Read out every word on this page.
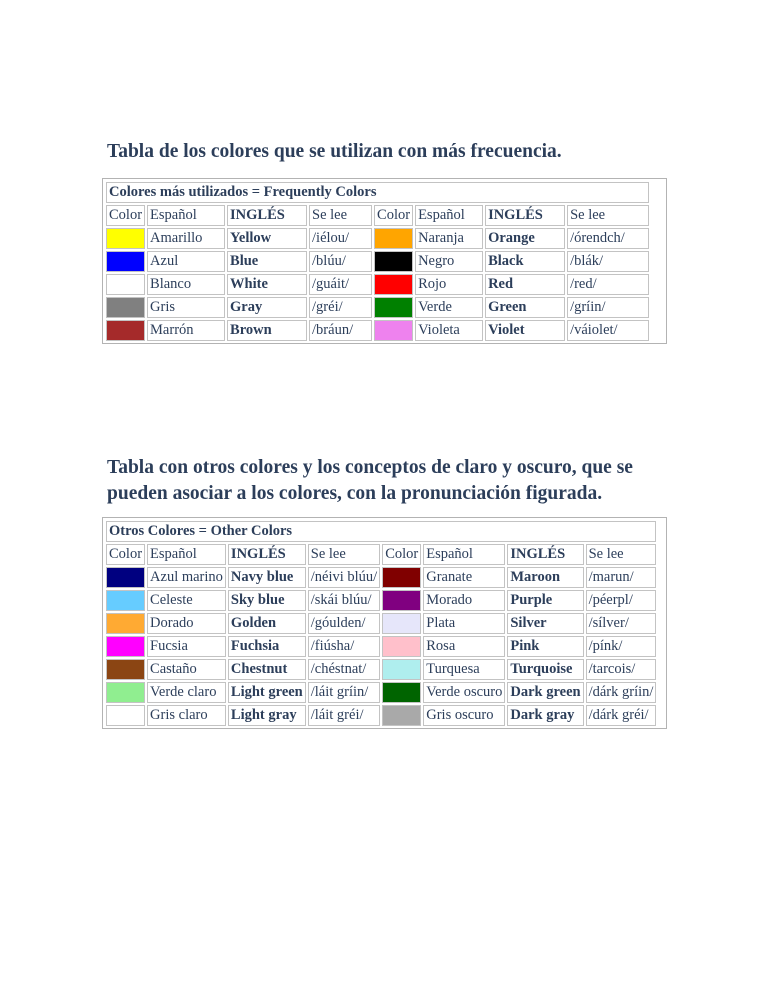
Tabla de los colores que se utilizan con más frecuencia.
Colores más utilizados = Frequently Colors							
Color	Español	INGLÉS	Se lee	Color	Español	INGLÉS	Se lee

	Amarillo	Yellow	/iélou/		Naranja	Orange	/órendch/

	Azul	Blue	/blúu/		Negro	Black	/blák/

	Blanco	White	/guáit/		Rojo	Red	/red/

	Gris	Gray	/gréi/		Verde	Green	/gríin/

	Marrón	Brown	/bráun/		Violeta	Violet	/váiolet/
Tabla con otros colores y los conceptos de claro y oscuro, que se pueden asociar a los colores, con la pronunciación figurada.
Otros Colores = Other Colors							
Color	Español	INGLÉS	Se lee	Color	Español	INGLÉS	Se lee

	Azul marino	Navy blue	/néivi blúu/		Granate	Maroon	/marun/

	Celeste	Sky blue	/skái blúu/		Morado	Purple	/péerpl/

	Dorado	Golden	/góulden/		Plata	Silver	/sílver/

	Fucsia	Fuchsia	/fiúsha/		Rosa	Pink	/pínk/

	Castaño	Chestnut	/chéstnat/		Turquesa	Turquoise	/tarcois/

	Verde claro	Light green	/láit gríin/		Verde oscuro	Dark green	/dárk gríin/

	Gris claro	Light gray	/láit gréi/		Gris oscuro	Dark gray	/dárk gréi/
